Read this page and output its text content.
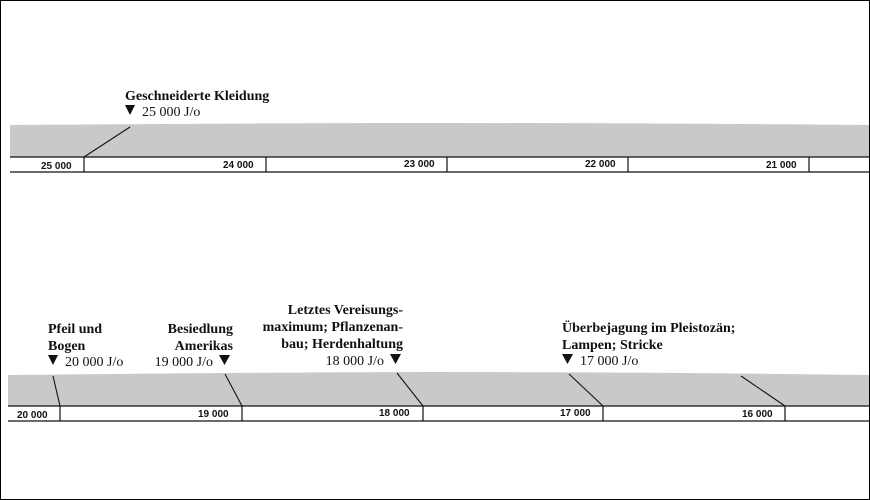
25 000	24 000	23 000	22 000	21 000
Geschneiderte Kleidung
25 000 J/o
20 000	19 000	18 000	17 000	16 000
Pfeil und
Bogen
20 000 J/o
Besiedlung
Amerikas
19 000 J/o
Letztes Vereisungs-
maximum; Pflanzenan-
bau; Herdenhaltung
18 000 J/o
Überbejagung im Pleistozän;
Lampen; Stricke
17 000 J/o
